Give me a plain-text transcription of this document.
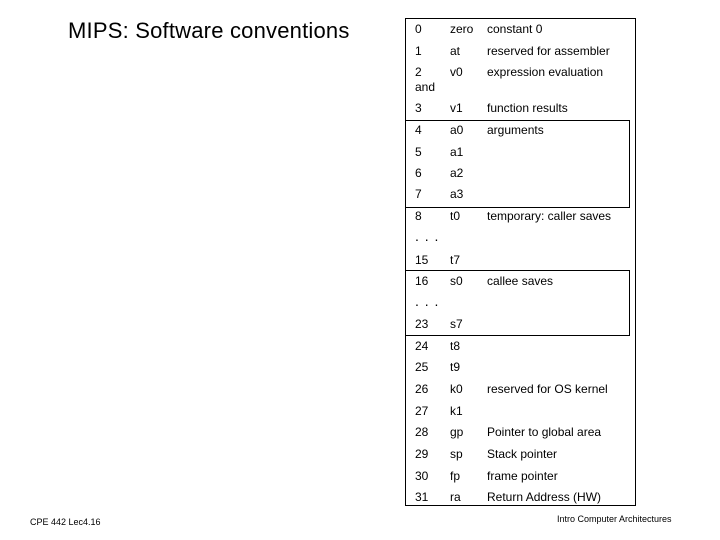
MIPS: Software conventions	0 zero constant 0
1 at reserved for assembler
2
and
v0 expression evaluation
3 v1 function results
4 a0 arguments
5 a1
6 a2
7 a3
8 t0 temporary: caller saves
. . .
15 t7
16 s0 callee saves
. . .
23 s7
24 t8
25 t9
26 k0 reserved for OS kernel
27 k1
28 gp Pointer to global area
29 sp Stack pointer
30 fp frame pointer
31 ra Return Address (HW)
CPE 442 Lec4.16	Intro Computer Architectures
